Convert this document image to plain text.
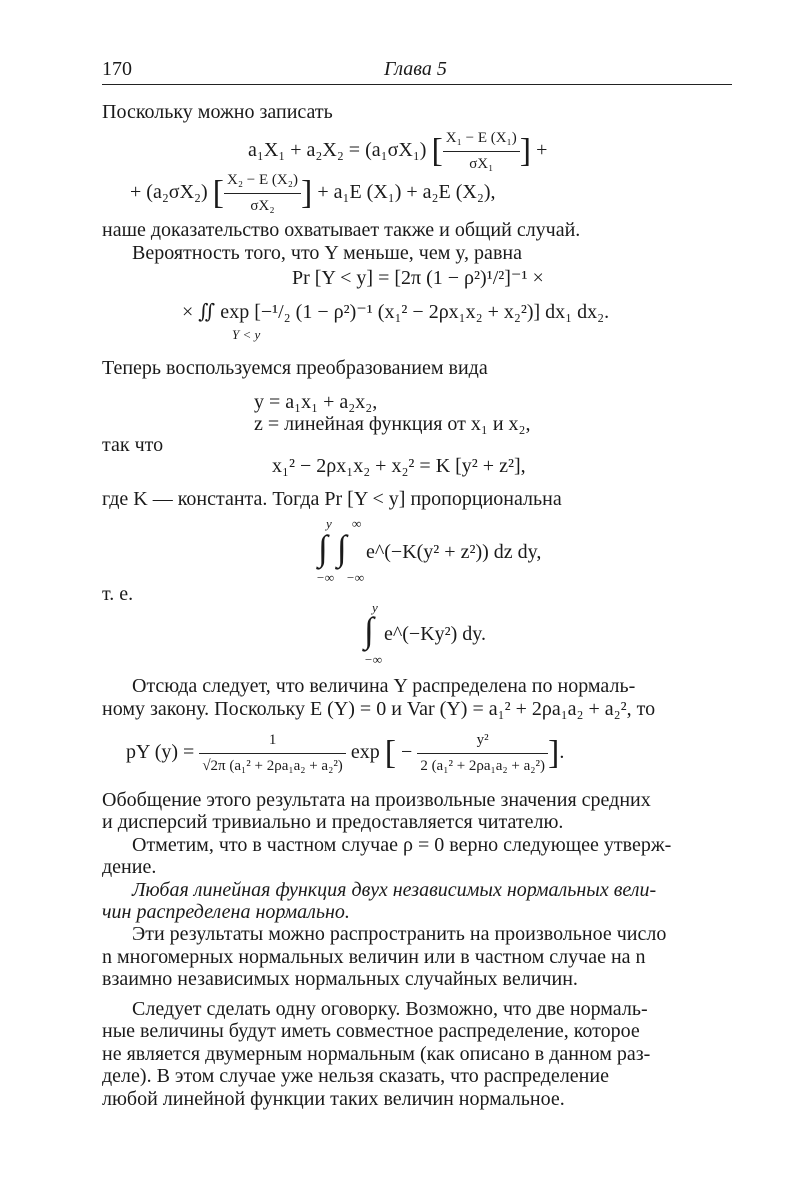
170	Глава 5
Поскольку можно записать
a₁X₁ + a₂X₂ = (a₁σX₁) [ $\frac{\text{X₁ − E (X₁)}}{\text{σX₁}}$ ] +
+ (a₂σX₂) [ $\frac{\text{X₂ − E (X₂)}}{\text{σX₂}}$ ] + a₁E (X₁) + a₂E (X₂),
наше доказательство охватывает также и общий случай.
Вероятность того, что Y меньше, чем y, равна
Pr [Y < y] = [2π (1 − ρ²)¹/²]⁻¹ ×
× ∬ exp [−¹/₂ (1 − ρ²)⁻¹ (x₁² − 2ρx₁x₂ + x₂²)] dx₁ dx₂.
Y < y
Теперь воспользуемся преобразованием вида
y = a₁x₁ + a₂x₂,
z = линейная функция от x₁ и x₂,
так что
x₁² − 2ρx₁x₂ + x₂² = K [y² + z²],
где K — константа. Тогда Pr [Y < y] пропорциональна
y ∞
∫ ∫ e^(−K(y² + z²)) dz dy,
−∞ −∞
т. е.
y
∫ e^(−Ky²) dy.
−∞
Отсюда следует, что величина Y распределена по нормаль-
ному закону. Поскольку E (Y) = 0 и Var (Y) = a₁² + 2ρa₁a₂ + a₂², то
pY $(y) = \frac{1}{\text{√2π (a₁² + 2ρa₁a₂ + a₂²)}}$ exp [ − $\frac{\text{y²}}{\text{2 (a₁² + 2ρa₁a₂ + a₂²)}}$ ].
Обобщение этого результата на произвольные значения средних
и дисперсий тривиально и предоставляется читателю.
Отметим, что в частном случае ρ = 0 верно следующее утверж-
дение.
Любая линейная функция двух независимых нормальных вели-
чин распределена нормально.
Эти результаты можно распространить на произвольное число
n многомерных нормальных величин или в частном случае на n
взаимно независимых нормальных случайных величин.
Следует сделать одну оговорку. Возможно, что две нормаль-
ные величины будут иметь совместное распределение, которое
не является двумерным нормальным (как описано в данном раз-
деле). В этом случае уже нельзя сказать, что распределение
любой линейной функции таких величин нормальное.
